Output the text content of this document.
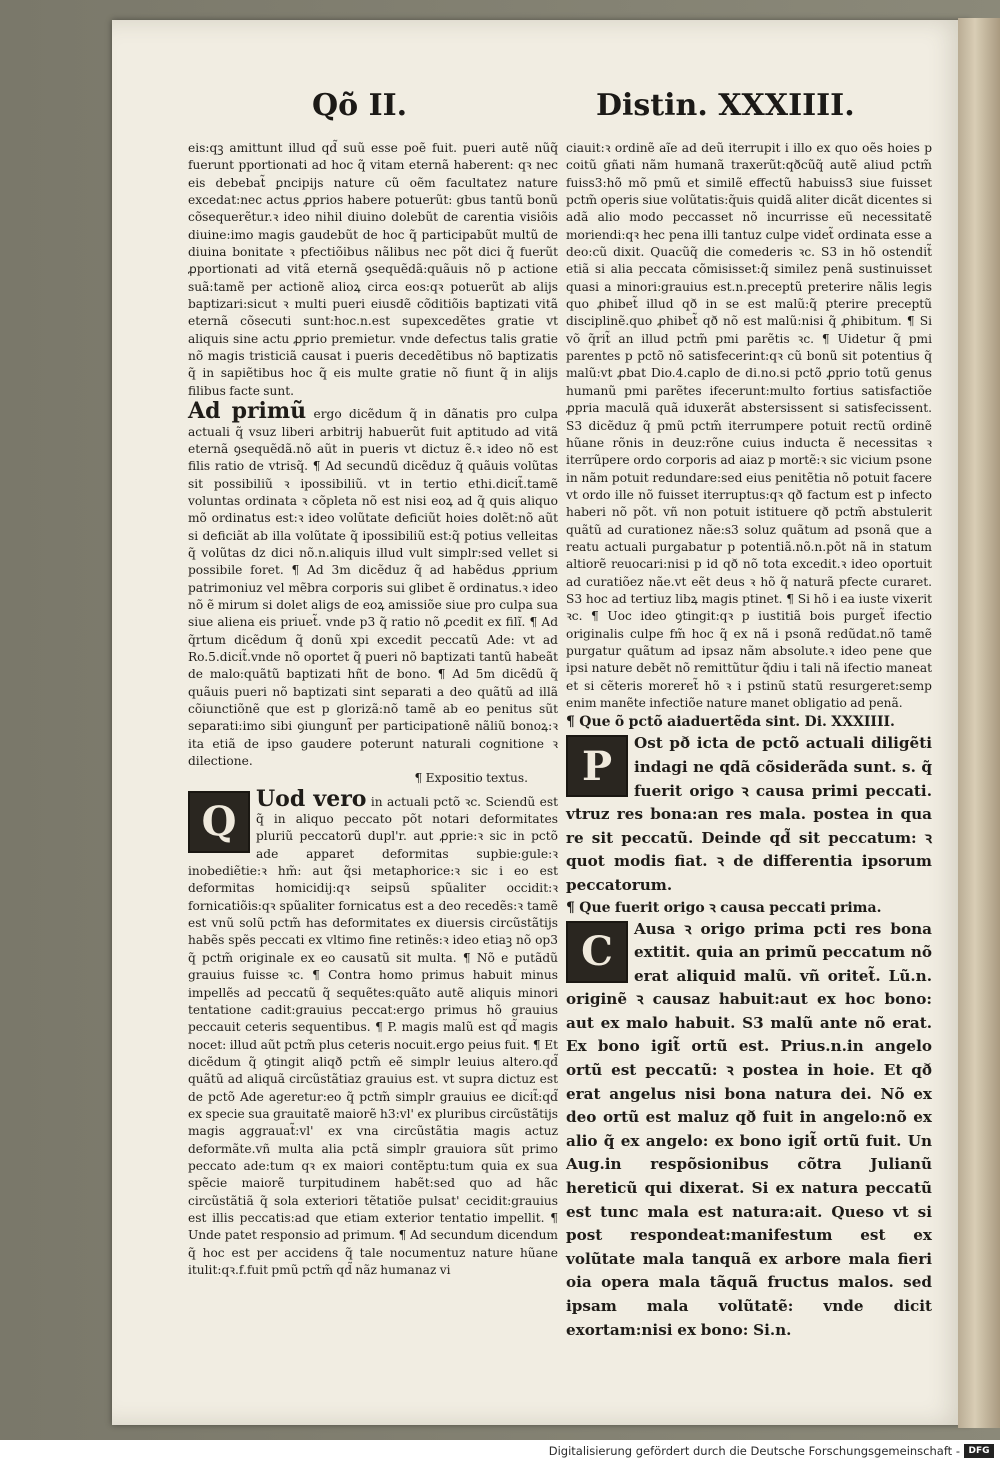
Qõ II.	Distin. XXXIIII.

eis:qꝫ amittunt illud qd̃ suũ esse poẽ fuit. pueri autẽ nũq̃ fuerunt pportionati ad hoc q̃ vitam eternã haberent: qꝛ nec eis debebat̃ ꝑncipijs nature cũ oẽm facultatez nature excedat:nec actus ꝓprios habere potuerũt: gbus tantũ bonũ cõsequerẽtur.ꝛ ideo nihil diuino dolebũt de carentia visiõis diuine:imo magis gaudebũt de hoc q̃ participabũt multũ de diuina bonitate ꝛ pfectiõibus nãlibus nec põt dici q̃ fuerũt ꝓportionati ad vitã eternã ꝯsequẽdã:quãuis nõ p actione suã:tamẽ per actionẽ alioꝝ circa eos:qꝛ potuerũt ab alijs baptizari:sicut ꝛ multi pueri eiusdẽ cõditiõis baptizati vitã eternã cõsecuti sunt:hoc.n.est supexcedẽtes gratie vt aliquis sine actu ꝓprio premietur. vnde defectus talis gratie nõ magis tristiciã causat i pueris decedẽtibus nõ baptizatis q̃ in sapiẽtibus hoc q̃ eis multe gratie nõ fiunt q̃ in alijs filibus facte sunt.

Ad primũ ergo dicẽdum q̃ in dãnatis pro culpa actuali q̃ vsuz liberi arbitrij habuerũt fuit aptitudo ad vitã eternã ꝯsequẽdã.nõ aũt in pueris vt dictuz ẽ.ꝛ ideo nõ est filis ratio de vtrisq̃. ¶ Ad secundũ dicẽduz q̃ quãuis volũtas sit possibiliũ ꝛ ipossibiliũ. vt in tertio ethi.dicit̃.tamẽ voluntas ordinata ꝛ cõpleta nõ est nisi eoꝝ ad q̃ quis aliquo mõ ordinatus est:ꝛ ideo volũtate deficiũt hoies dolẽt:nõ aũt si deficiãt ab illa volũtate q̃ ipossibiliũ est:q̃ potius velleitas q̃ volũtas dz dici nõ.n.aliquis illud vult simplr:sed vellet si possibile foret. ¶ Ad 3m dicẽduz q̃ ad habẽdus ꝓprium patrimoniuz vel mẽbra corporis sui glibet ẽ ordinatus.ꝛ ideo nõ ẽ mirum si dolet aligs de eoꝝ amissiõe siue pro culpa sua siue aliena eis priuet̃. vnde p3 q̃ ratio nõ ꝓcedit ex filĩ. ¶ Ad q̃rtum dicẽdum q̃ donũ xpi excedit peccatũ Ade: vt ad Ro.5.dicit̃.vnde nõ oportet q̃ pueri nõ baptizati tantũ habeãt de malo:quãtũ baptizati hñt de bono. ¶ Ad 5m dicẽdũ q̃ quãuis pueri nõ baptizati sint separati a deo quãtũ ad illã cõiunctiõnẽ que est p glorizã:nõ tamẽ ab eo penitus sũt separati:imo sibi ꝯiungunt̃ per participationẽ nãliũ bonoꝝ:ꝛ ita etiã de ipso gaudere poterunt naturali cognitione ꝛ dilectione.

¶ Expositio textus.

Q Uod vero in actuali pctõ ꝛc. Sciendũ est q̃ in aliquo peccato põt notari deformitates pluriũ peccatorũ dupl'r. aut ꝓprie:ꝛ sic in pctõ ade apparet deformitas supbie:gule:ꝛ inobediẽtie:ꝛ hm̃: aut q̃si metaphorice:ꝛ sic i eo est deformitas homicidij:qꝛ seipsũ spũaliter occidit:ꝛ fornicatiõis:qꝛ spũaliter fornicatus est a deo recedẽs:ꝛ tamẽ est vnũ solũ pctm̃ has deformitates ex diuersis circũstãtijs habẽs spẽs peccati ex vltimo fine retinẽs:ꝛ ideo etiaꝫ nõ op3 q̃ pctm̃ originale ex eo causatũ sit multa. ¶ Nõ e putãdũ grauius fuisse ꝛc. ¶ Contra homo primus habuit minus impellẽs ad peccatũ q̃ sequẽtes:quãto autẽ aliquis minori tentatione cadit:grauius peccat:ergo primus hõ grauius peccauit ceteris sequentibus. ¶ P. magis malũ est qd̃ magis nocet: illud aũt pctm̃ plus ceteris nocuit.ergo peius fuit. ¶ Et dicẽdum q̃ ꝯtingit aliqð pctm̃ eẽ simplr leuius altero.qd̃ quãtũ ad aliquã circũstãtiaz grauius est. vt supra dictuz est de pctõ Ade ageretur:eo q̃ pctm̃ simplr grauius ee dicit̃:qd̃ ex specie sua grauitatẽ maiorẽ h3:vl' ex pluribus circũstãtijs magis aggrauat̃:vl' ex vna circũstãtia magis actuz deformãte.vñ multa alia pctã simplr grauiora sũt primo peccato ade:tum qꝛ ex maiori contẽptu:tum quia ex sua spẽcie maiorẽ turpitudinem habẽt:sed quo ad hãc circũstãtiã q̃ sola exteriori tẽtatiõe pulsat' cecidit:grauius est illis peccatis:ad que etiam exterior tentatio impellit. ¶ Unde patet responsio ad primum. ¶ Ad secundum dicendum q̃ hoc est per accidens q̃ tale nocumentuz nature hũane itulit:qꝛ.f.fuit pmũ pctm̃ qd̃ nãz humanaz vi

ciauit:ꝛ ordinẽ aĩe ad deũ iterrupit i illo ex quo oẽs hoies p coitũ gñati nãm humanã traxerũt:qðcũq̃ autẽ aliud pctm̃ fuiss3:hõ mõ pmũ et similẽ effectũ habuiss3 siue fuisset pctm̃ operis siue volũtatis:q̃uis quidã aliter dicãt dicentes si adã alio modo peccasset nõ incurrisse eũ necessitatẽ moriendi:qꝛ hec pena illi tantuz culpe videt̃ ordinata esse a deo:cũ dixit. Quacũq̃ die comederis ꝛc. S3 in hõ ostendit̃ etiã si alia peccata cõmisisset:q̃ similez penã sustinuisset quasi a minori:grauius est.n.preceptũ preterire nãlis legis quo ꝓhibet̃ illud qð in se est malũ:q̃ pterire preceptũ disciplinẽ.quo ꝓhibet̃ qð nõ est malũ:nisi q̃ ꝓhibitum. ¶ Si võ q̃rit̃ an illud pctm̃ pmi parẽtis ꝛc. ¶ Uidetur q̃ pmi parentes p pctõ nõ satisfecerint:qꝛ cũ bonũ sit potentius q̃ malũ:vt ꝓbat Dio.4.caplo de di.no.si pctõ ꝓprio totũ genus humanũ pmi parẽtes ifecerunt:multo fortius satisfactiõe ꝓpria maculã quã iduxerãt abstersissent si satisfecissent. S3 dicẽduz q̃ pmũ pctm̃ iterrumpere potuit rectũ ordinẽ hũane rõnis in deuz:rõne cuius inducta ẽ necessitas ꝛ iterrũpere ordo corporis ad aiaz p mortẽ:ꝛ sic vicium psone in nãm potuit redundare:sed eius penitẽtia nõ potuit facere vt ordo ille nõ fuisset iterruptus:qꝛ qð factum est p infecto haberi nõ põt. vñ non potuit istituere qð pctm̃ abstulerit quãtũ ad curationez nãe:s3 soluz quãtum ad psonã que a reatu actuali purgabatur p potentiã.nõ.n.põt nã in statum altiorẽ reuocari:nisi p id qð nõ tota excedit.ꝛ ideo oportuit ad curatiõez nãe.vt eẽt deus ꝛ hõ q̃ naturã pfecte curaret. S3 hoc ad tertiuz libꝝ magis ptinet. ¶ Si hõ i ea iuste vixerit ꝛc. ¶ Uoc ideo ꝯtingit:qꝛ p iustitiã bois purget̃ ifectio originalis culpe fm̃ hoc q̃ ex nã i psonã redũdat.nõ tamẽ purgatur quãtum ad ipsaz nãm absolute.ꝛ ideo pene que ipsi nature debẽt nõ remittũtur q̃diu i tali nã ifectio maneat et si cẽteris moreret̃ hõ ꝛ i pstinũ statũ resurgeret:semp enim manẽte infectiõe nature manet obligatio ad penã.

¶ Que õ pctõ aiaduertẽda sint. Di. XXXIIII.

P Ost pð icta de pctõ actuali diligẽti indagi ne qdã cõsiderãda sunt. s. q̃ fuerit origo ꝛ causa primi peccati. vtruz res bona:an res mala. postea in qua re sit peccatũ. Deinde qd̃ sit peccatum: ꝛ quot modis fiat. ꝛ de differentia ipsorum peccatorum.

¶ Que fuerit origo ꝛ causa peccati prima.

C Ausa ꝛ origo prima pcti res bona extitit. quia an primũ peccatum nõ erat aliquid malũ. vñ oritet̃. Lũ.n. originẽ ꝛ causaz habuit:aut ex hoc bono: aut ex malo habuit. S3 malũ ante nõ erat. Ex bono igit̃ ortũ est. Prius.n.in angelo ortũ est peccatũ: ꝛ postea in hoie. Et qð erat angelus nisi bona natura dei. Nõ ex deo ortũ est maluz qð fuit in angelo:nõ ex alio q̃ ex angelo: ex bono igit̃ ortũ fuit. Un Aug.in respõsionibus cõtra Julianũ hereticũ qui dixerat. Si ex natura peccatũ est tunc mala est natura:ait. Queso vt si post respondeat:manifestum est ex volũtate mala tanquã ex arbore mala fieri oia opera mala tãquã fructus malos. sed ipsam mala volũtatẽ: vnde dicit exortam:nisi ex bono: Si.n.

Digitalisierung gefördert durch die Deutsche Forschungsgemeinschaft - DFG
